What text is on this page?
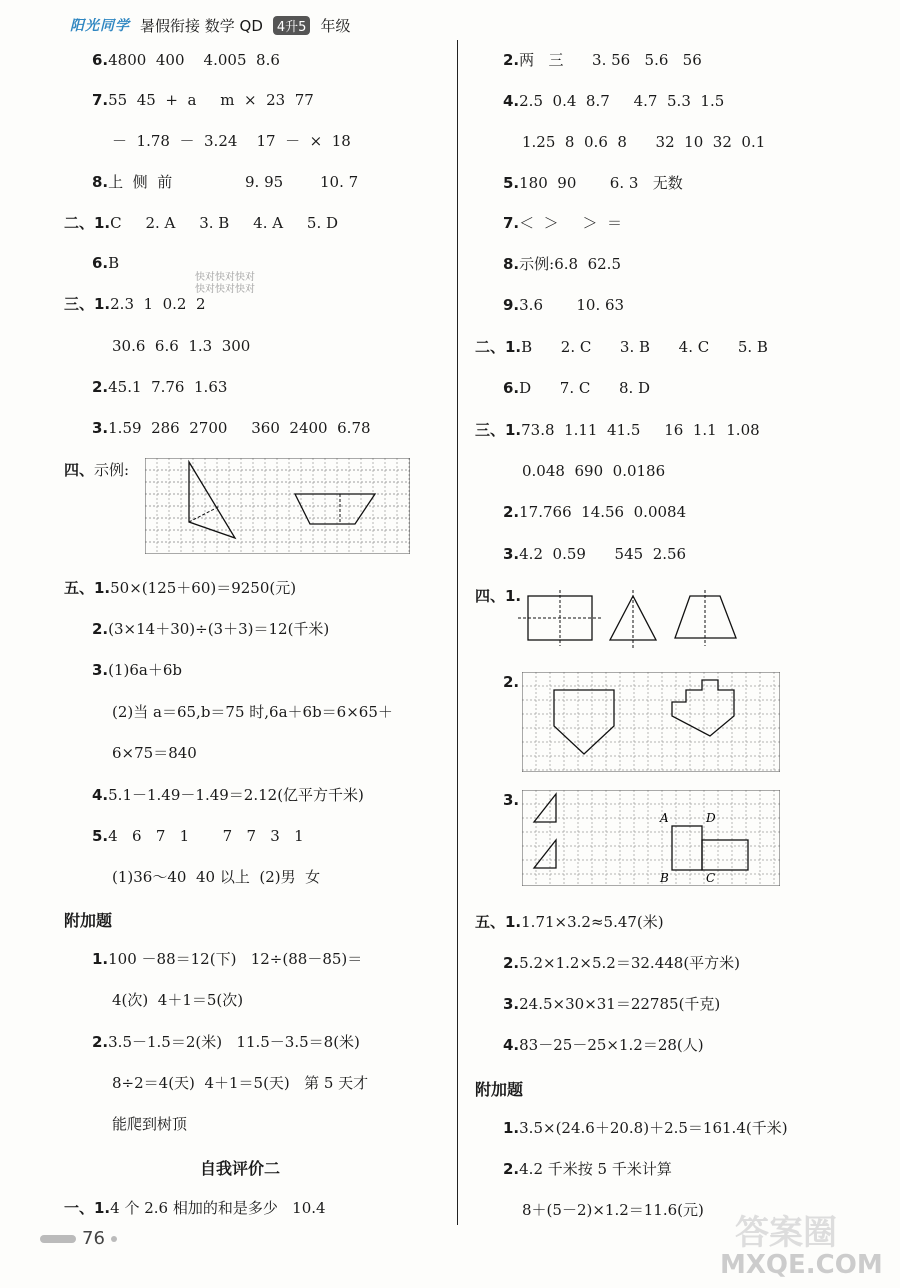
阳光同学 暑假衔接 数学 QD	4升5 年级
6.4800  400    4.005  8.6
7.55  45  +  a     m  ×  23  77
－  1.78  －  3.24    17  －  ×  18
8.上  侧  前	9. 95 10. 7
二、1.C     2. A     3. B     4. A     5. D
6.B
三、1.2.3  1  0.2  2
30.6  6.6  1.3  300
2.45.1  7.76  1.63
3.1.59  286  2700     360  2400  6.78
四、示例:
五、1.50×(125＋60)＝9250(元)
2.(3×14＋30)÷(3＋3)＝12(千米)
3.(1)6a＋6b
(2)当 a＝65,b＝75 时,6a＋6b＝6×65＋
6×75＝840
4.5.1－1.49－1.49＝2.12(亿平方千米)
5.4   6   7   1       7   7   3   1
(1)36～40  40 以上  (2)男  女
附加题
1.100 －88＝12(下)   12÷(88－85)＝
4(次)  4＋1＝5(次)
2.3.5－1.5＝2(米)   11.5－3.5＝8(米)
8÷2＝4(天)  4＋1＝5(天)   第 5 天才
能爬到树顶
自我评价二
一、1.4 个 2.6 相加的和是多少   10.4
2.两   三      3. 56   5.6   56
4.2.5  0.4  8.7     4.7  5.3  1.5
1.25  8  0.6  8      32  10  32  0.1
5.180  90       6. 3   无数
7.＜  ＞     ＞  ＝
8.示例:6.8  62.5
9.3.6       10. 63
二、1.B      2. C      3. B      4. C      5. B
6.D      7. C      8. D
三、1.73.8  1.11  41.5     16  1.1  1.08
0.048  690  0.0186
2.17.766  14.56  0.0084
3.4.2  0.59      545  2.56
四、1.
2.
3.
A	D
B	C
五、1.1.71×3.2≈5.47(米)
2.5.2×1.2×5.2＝32.448(平方米)
3.24.5×30×31＝22785(千克)
4.83－25－25×1.2＝28(人)
附加题
1.3.5×(24.6＋20.8)＋2.5＝161.4(千米)
2.4.2 千米按 5 千米计算
8＋(5－2)×1.2＝11.6(元)
快对快对快对 快对快对快对
MXQE.COM
答案圈
76
